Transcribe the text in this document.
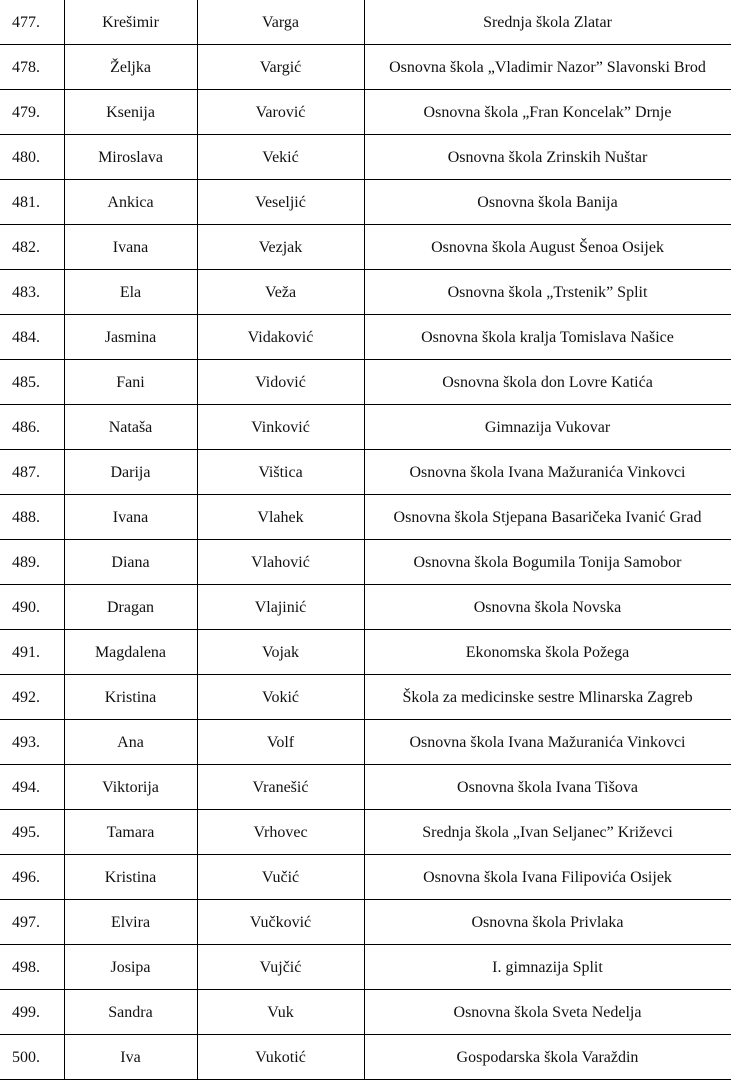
477.	Krešimir	Varga	Srednja škola Zlatar
478.	Željka	Vargić	Osnovna škola „Vladimir Nazor” Slavonski Brod
479.	Ksenija	Varović	Osnovna škola „Fran Koncelak” Drnje
480.	Miroslava	Vekić	Osnovna škola Zrinskih Nuštar
481.	Ankica	Veseljić	Osnovna škola Banija
482.	Ivana	Vezjak	Osnovna škola August Šenoa Osijek
483.	Ela	Veža	Osnovna škola „Trstenik” Split
484.	Jasmina	Vidaković	Osnovna škola kralja Tomislava Našice
485.	Fani	Vidović	Osnovna škola don Lovre Katića
486.	Nataša	Vinković	Gimnazija Vukovar
487.	Darija	Vištica	Osnovna škola Ivana Mažuranića Vinkovci
488.	Ivana	Vlahek	Osnovna škola Stjepana Basaričeka Ivanić Grad
489.	Diana	Vlahović	Osnovna škola Bogumila Tonija Samobor
490.	Dragan	Vlajinić	Osnovna škola Novska
491.	Magdalena	Vojak	Ekonomska škola Požega
492.	Kristina	Vokić	Škola za medicinske sestre Mlinarska Zagreb
493.	Ana	Volf	Osnovna škola Ivana Mažuranića Vinkovci
494.	Viktorija	Vranešić	Osnovna škola Ivana Tišova
495.	Tamara	Vrhovec	Srednja škola „Ivan Seljanec” Križevci
496.	Kristina	Vučić	Osnovna škola Ivana Filipovića Osijek
497.	Elvira	Vučković	Osnovna škola Privlaka
498.	Josipa	Vujčić	I. gimnazija Split
499.	Sandra	Vuk	Osnovna škola Sveta Nedelja
500.	Iva	Vukotić	Gospodarska škola Varaždin
